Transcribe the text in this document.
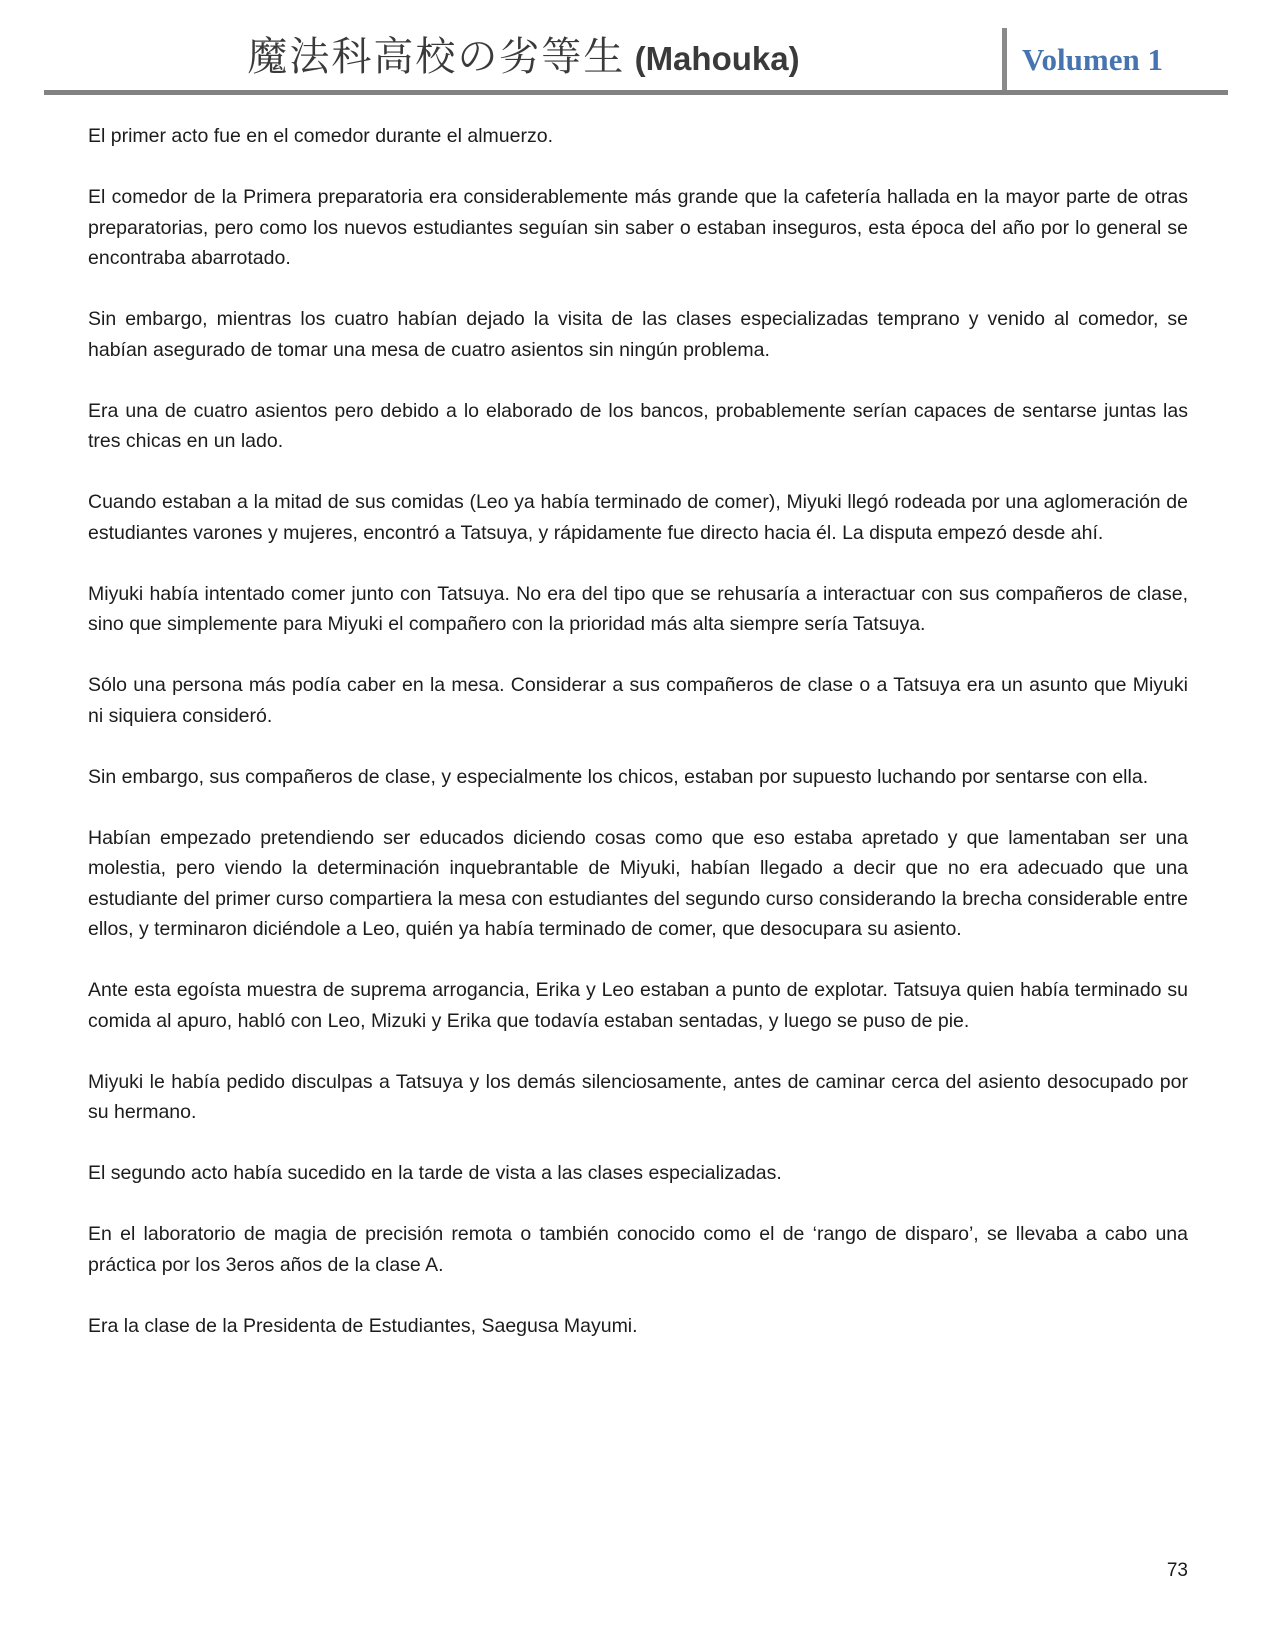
魔法科高校の劣等生 (Mahouka)	Volumen 1

El primer acto fue en el comedor durante el almuerzo.

El comedor de la Primera preparatoria era considerablemente más grande que la cafetería hallada en la mayor parte de otras preparatorias, pero como los nuevos estudiantes seguían sin saber o estaban inseguros, esta época del año por lo general se encontraba abarrotado.

Sin embargo, mientras los cuatro habían dejado la visita de las clases especializadas temprano y venido al comedor, se habían asegurado de tomar una mesa de cuatro asientos sin ningún problema.

Era una de cuatro asientos pero debido a lo elaborado de los bancos, probablemente serían capaces de sentarse juntas las tres chicas en un lado.

Cuando estaban a la mitad de sus comidas (Leo ya había terminado de comer), Miyuki llegó rodeada por una aglomeración de estudiantes varones y mujeres, encontró a Tatsuya, y rápidamente fue directo hacia él. La disputa empezó desde ahí.

Miyuki había intentado comer junto con Tatsuya. No era del tipo que se rehusaría a interactuar con sus compañeros de clase, sino que simplemente para Miyuki el compañero con la prioridad más alta siempre sería Tatsuya.

Sólo una persona más podía caber en la mesa. Considerar a sus compañeros de clase o a Tatsuya era un asunto que Miyuki ni siquiera consideró.

Sin embargo, sus compañeros de clase, y especialmente los chicos, estaban por supuesto luchando por sentarse con ella.

Habían empezado pretendiendo ser educados diciendo cosas como que eso estaba apretado y que lamentaban ser una molestia, pero viendo la determinación inquebrantable de Miyuki, habían llegado a decir que no era adecuado que una estudiante del primer curso compartiera la mesa con estudiantes del segundo curso considerando la brecha considerable entre ellos, y terminaron diciéndole a Leo, quién ya había terminado de comer, que desocupara su asiento.

Ante esta egoísta muestra de suprema arrogancia, Erika y Leo estaban a punto de explotar. Tatsuya quien había terminado su comida al apuro, habló con Leo, Mizuki y Erika que todavía estaban sentadas, y luego se puso de pie.

Miyuki le había pedido disculpas a Tatsuya y los demás silenciosamente, antes de caminar cerca del asiento desocupado por su hermano.

El segundo acto había sucedido en la tarde de vista a las clases especializadas.

En el laboratorio de magia de precisión remota o también conocido como el de ‘rango de disparo’, se llevaba a cabo una práctica por los 3eros años de la clase A.

Era la clase de la Presidenta de Estudiantes, Saegusa Mayumi.

73
